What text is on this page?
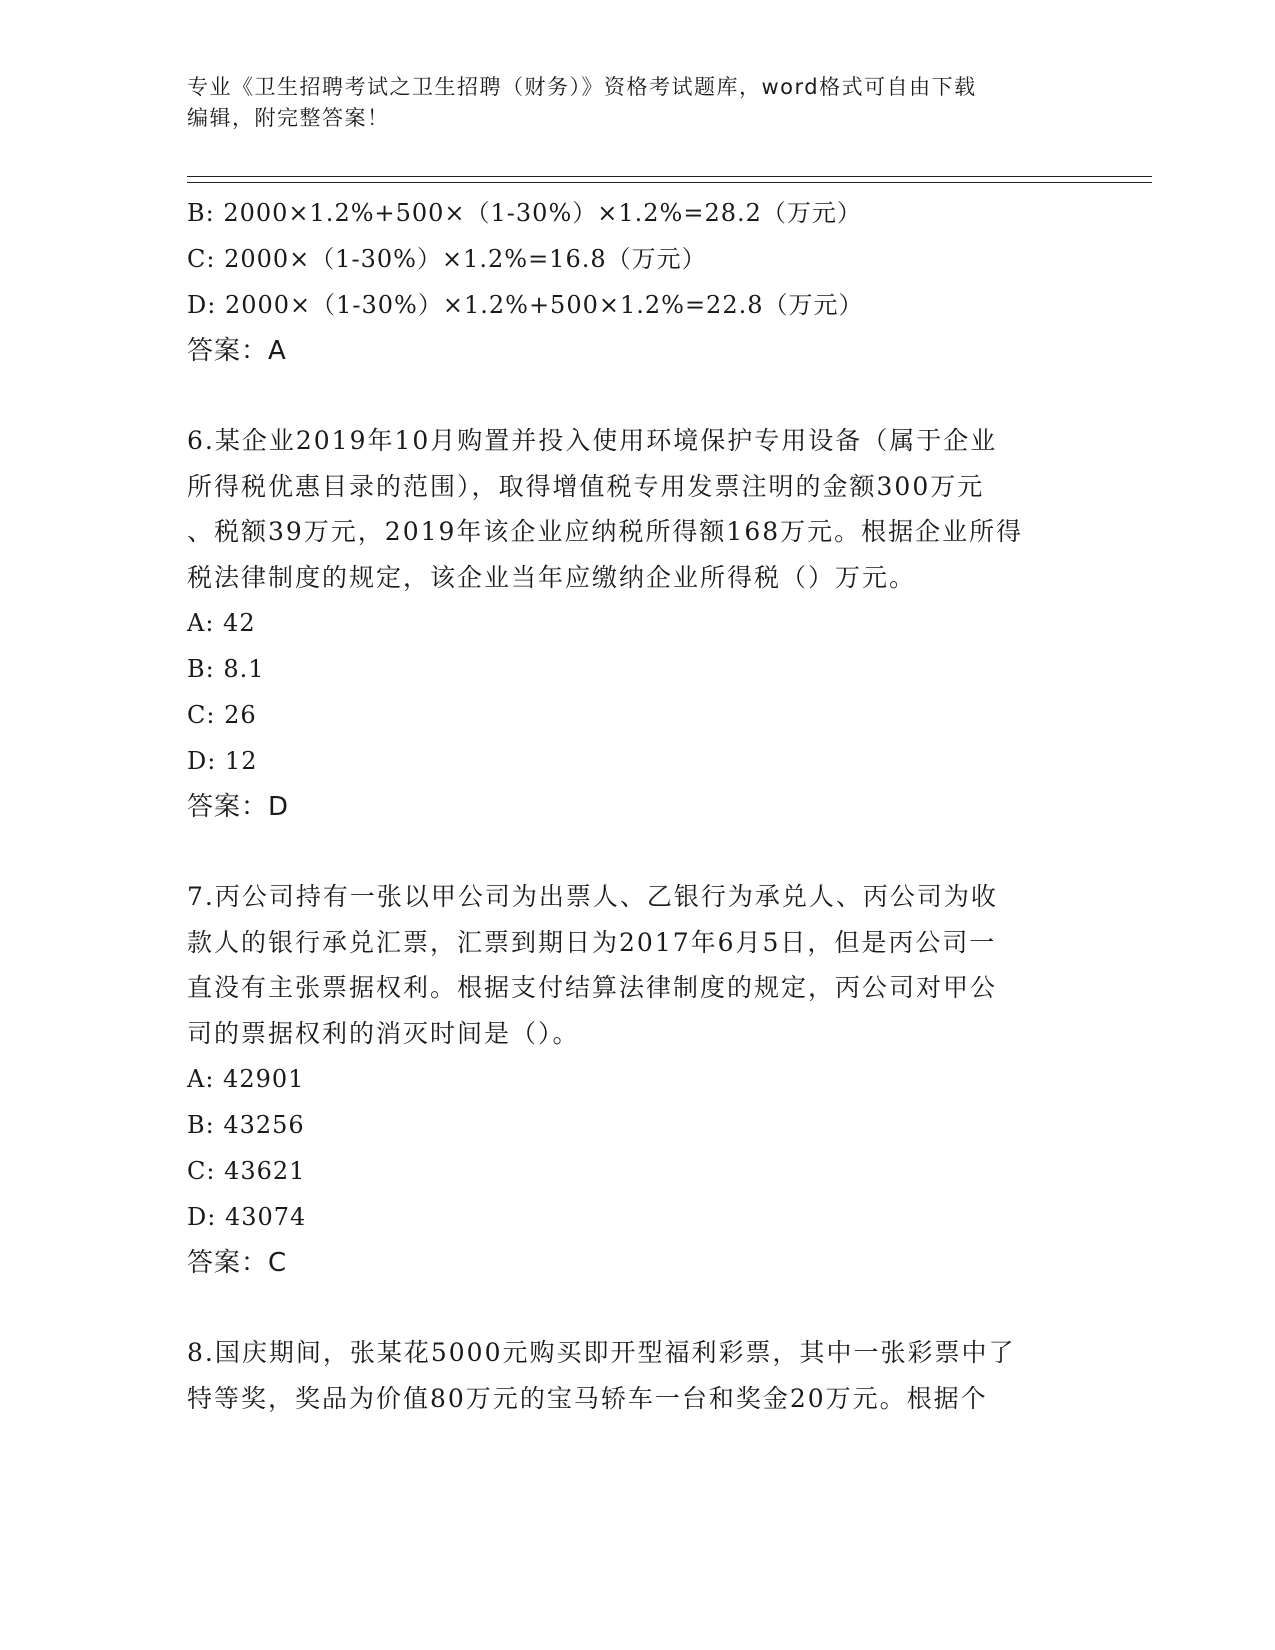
专业《卫生招聘考试之卫生招聘（财务）》资格考试题库，word格式可自由下载
编辑，附完整答案！
B: 2000×1.2%+500×（1-30%）×1.2%=28.2（万元）
C: 2000×（1-30%）×1.2%=16.8（万元）
D: 2000×（1-30%）×1.2%+500×1.2%=22.8（万元）
答案：A
6.某企业2019年10月购置并投入使用环境保护专用设备（属于企业
所得税优惠目录的范围），取得增值税专用发票注明的金额300万元
、税额39万元，2019年该企业应纳税所得额168万元。根据企业所得
税法律制度的规定，该企业当年应缴纳企业所得税（）万元。
A: 42
B: 8.1
C: 26
D: 12
答案：D
7.丙公司持有一张以甲公司为出票人、乙银行为承兑人、丙公司为收
款人的银行承兑汇票，汇票到期日为2017年6月5日，但是丙公司一
直没有主张票据权利。根据支付结算法律制度的规定，丙公司对甲公
司的票据权利的消灭时间是（）。
A: 42901
B: 43256
C: 43621
D: 43074
答案：C
8.国庆期间，张某花5000元购买即开型福利彩票，其中一张彩票中了
特等奖，奖品为价值80万元的宝马轿车一台和奖金20万元。根据个
